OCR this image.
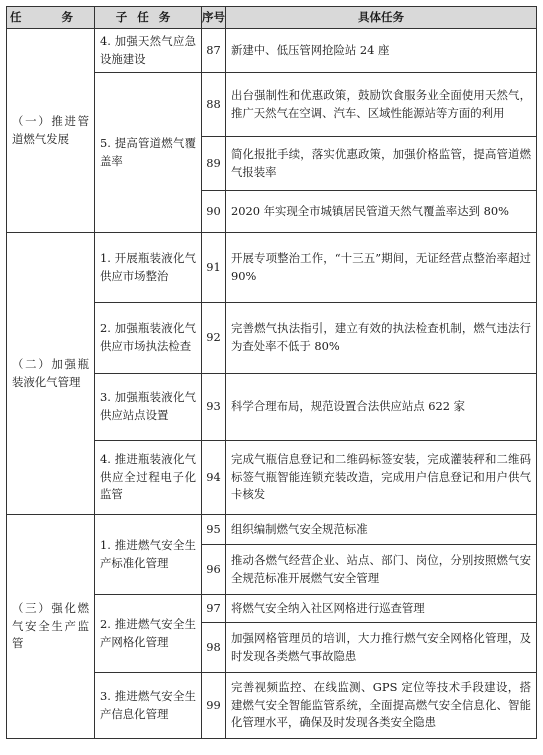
任 务	子任务	序号	具体任务
（一）推进管道燃气发展	4. 加强天然气应急设施建设	87	新建中、低压管网抢险站 24 座
	5. 提高管道燃气覆盖率	88	出台强制性和优惠政策，鼓励饮食服务业全面使用天然气，推广天然气在空调、汽车、区域性能源站等方面的利用
		89	简化报批手续，落实优惠政策，加强价格监管，提高管道燃气报装率
		90	2020 年实现全市城镇居民管道天然气覆盖率达到 80%
（二）加强瓶装液化气管理	1. 开展瓶装液化气供应市场整治	91	开展专项整治工作，“十三五”期间，无证经营点整治率超过 90%
	2. 加强瓶装液化气供应市场执法检查	92	完善燃气执法指引，建立有效的执法检查机制，燃气违法行为查处率不低于 80%
	3. 加强瓶装液化气供应站点设置	93	科学合理布局，规范设置合法供应站点 622 家
	4. 推进瓶装液化气供应全过程电子化监管	94	完成气瓶信息登记和二维码标签安装，完成灌装秤和二维码标签气瓶智能连锁充装改造，完成用户信息登记和用户供气卡核发
（三）强化燃气安全生产监管	1. 推进燃气安全生产标准化管理	95	组织编制燃气安全规范标准
		96	推动各燃气经营企业、站点、部门、岗位，分别按照燃气安全规范标准开展燃气安全管理
	2. 推进燃气安全生产网格化管理	97	将燃气安全纳入社区网格进行巡查管理
		98	加强网格管理员的培训，大力推行燃气安全网格化管理，及时发现各类燃气事故隐患
	3. 推进燃气安全生产信息化管理	99	完善视频监控、在线监测、GPS 定位等技术手段建设，搭建燃气安全智能监管系统，全面提高燃气安全信息化、智能化管理水平，确保及时发现各类安全隐患
